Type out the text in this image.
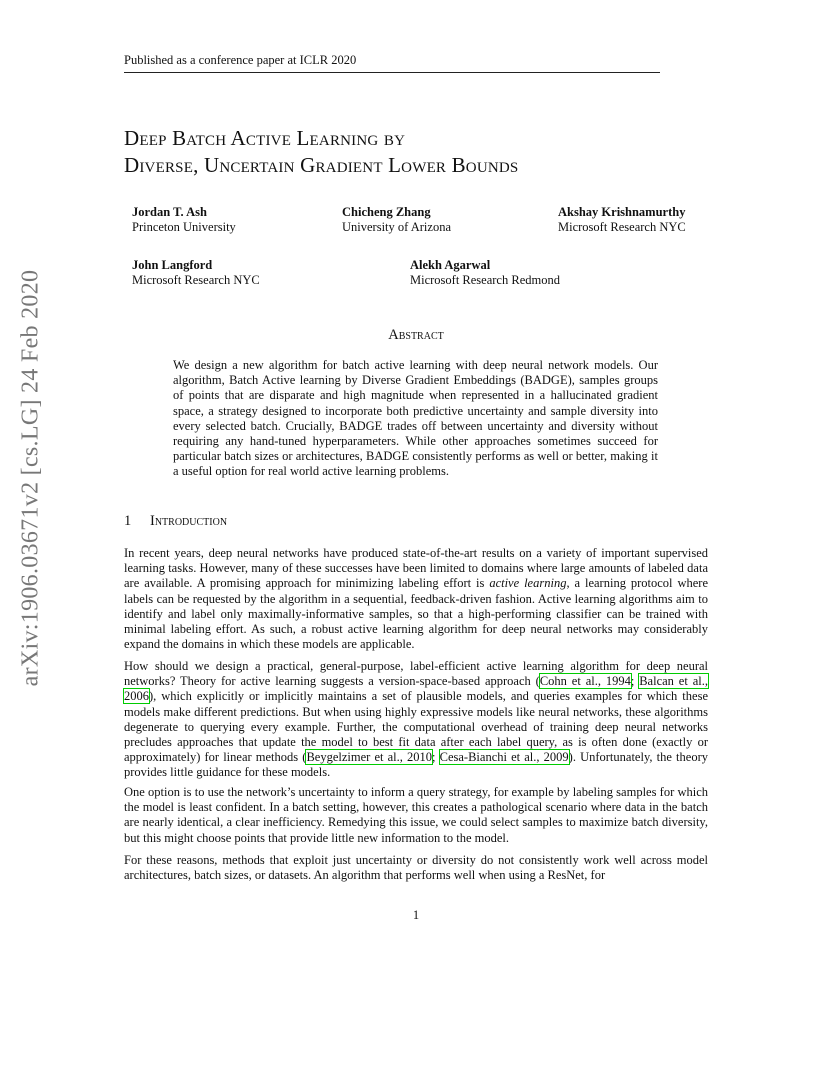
arXiv:1906.03671v2 [cs.LG] 24 Feb 2020
Published as a conference paper at ICLR 2020
Deep Batch Active Learning by
Diverse, Uncertain Gradient Lower Bounds
Jordan T. Ash
Princeton University
Chicheng Zhang
University of Arizona
Akshay Krishnamurthy
Microsoft Research NYC
John Langford
Microsoft Research NYC
Alekh Agarwal
Microsoft Research Redmond
Abstract

We design a new algorithm for batch active learning with deep neural network models. Our algorithm, Batch Active learning by Diverse Gradient Embeddings (BADGE), samples groups of points that are disparate and high magnitude when represented in a hallucinated gradient space, a strategy designed to incorporate both predictive uncertainty and sample diversity into every selected batch. Crucially, BADGE trades off between uncertainty and diversity without requiring any hand-tuned hyperparameters. While other approaches sometimes succeed for particular batch sizes or architectures, BADGE consistently performs as well or better, making it a useful option for real world active learning problems.

1 Introduction

In recent years, deep neural networks have produced state-of-the-art results on a variety of important supervised learning tasks. However, many of these successes have been limited to domains where large amounts of labeled data are available. A promising approach for minimizing labeling effort is active learning, a learning protocol where labels can be requested by the algorithm in a sequential, feedback-driven fashion. Active learning algorithms aim to identify and label only maximally-informative samples, so that a high-performing classifier can be trained with minimal labeling effort. As such, a robust active learning algorithm for deep neural networks may considerably expand the domains in which these models are applicable.

How should we design a practical, general-purpose, label-efficient active learning algorithm for deep neural networks? Theory for active learning suggests a version-space-based approach (Cohn et al., 1994; Balcan et al., 2006), which explicitly or implicitly maintains a set of plausible models, and queries examples for which these models make different predictions. But when using highly expressive models like neural networks, these algorithms degenerate to querying every example. Further, the computational overhead of training deep neural networks precludes approaches that update the model to best fit data after each label query, as is often done (exactly or approximately) for linear methods (Beygelzimer et al., 2010; Cesa-Bianchi et al., 2009). Unfortunately, the theory provides little guidance for these models.

One option is to use the network’s uncertainty to inform a query strategy, for example by labeling samples for which the model is least confident. In a batch setting, however, this creates a pathological scenario where data in the batch are nearly identical, a clear inefficiency. Remedying this issue, we could select samples to maximize batch diversity, but this might choose points that provide little new information to the model.

For these reasons, methods that exploit just uncertainty or diversity do not consistently work well across model architectures, batch sizes, or datasets. An algorithm that performs well when using a ResNet, for

1
